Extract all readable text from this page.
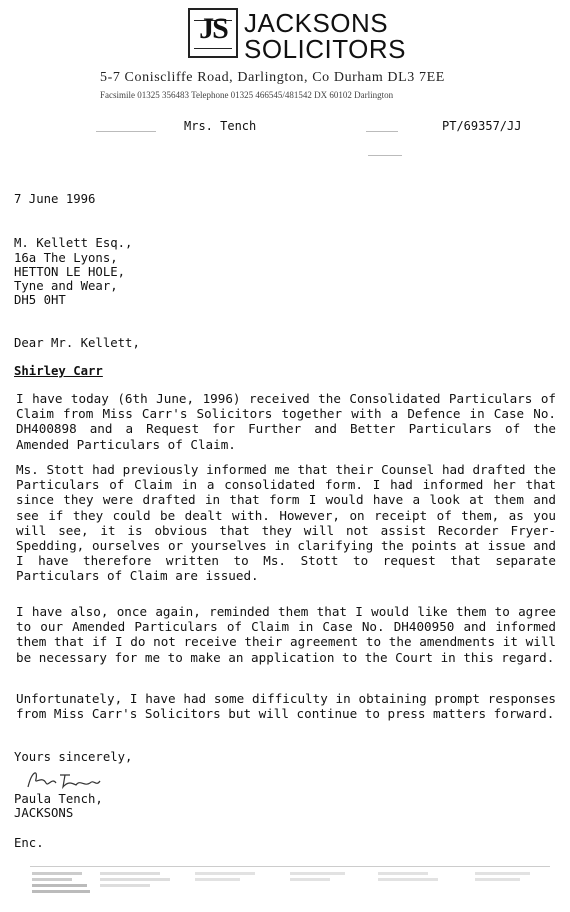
JS JACKSONS
SOLICITORS
5-7 Coniscliffe Road, Darlington, Co Durham DL3 7EE
Facsimile 01325 356483 Telephone 01325 466545/481542 DX 60102 Darlington
Mrs. Tench	PT/69357/JJ
7 June 1996
M. Kellett Esq.,
16a The Lyons,
HETTON LE HOLE,
Tyne and Wear,
DH5 0HT
Dear Mr. Kellett,
Shirley Carr
I have today (6th June, 1996) received the Consolidated Particulars of Claim from Miss Carr's Solicitors together with a Defence in Case No. DH400898 and a Request for Further and Better Particulars of the Amended Particulars of Claim.
Ms. Stott had previously informed me that their Counsel had drafted the Particulars of Claim in a consolidated form. I had informed her that since they were drafted in that form I would have a look at them and see if they could be dealt with. However, on receipt of them, as you will see, it is obvious that they will not assist Recorder Fryer-Spedding, ourselves or yourselves in clarifying the points at issue and I have therefore written to Ms. Stott to request that separate Particulars of Claim are issued.
I have also, once again, reminded them that I would like them to agree to our Amended Particulars of Claim in Case No. DH400950 and informed them that if I do not receive their agreement to the amendments it will be necessary for me to make an application to the Court in this regard.
Unfortunately, I have had some difficulty in obtaining prompt responses from Miss Carr's Solicitors but will continue to press matters forward.
Yours sincerely,
Paula Tench,
JACKSONS
Enc.
